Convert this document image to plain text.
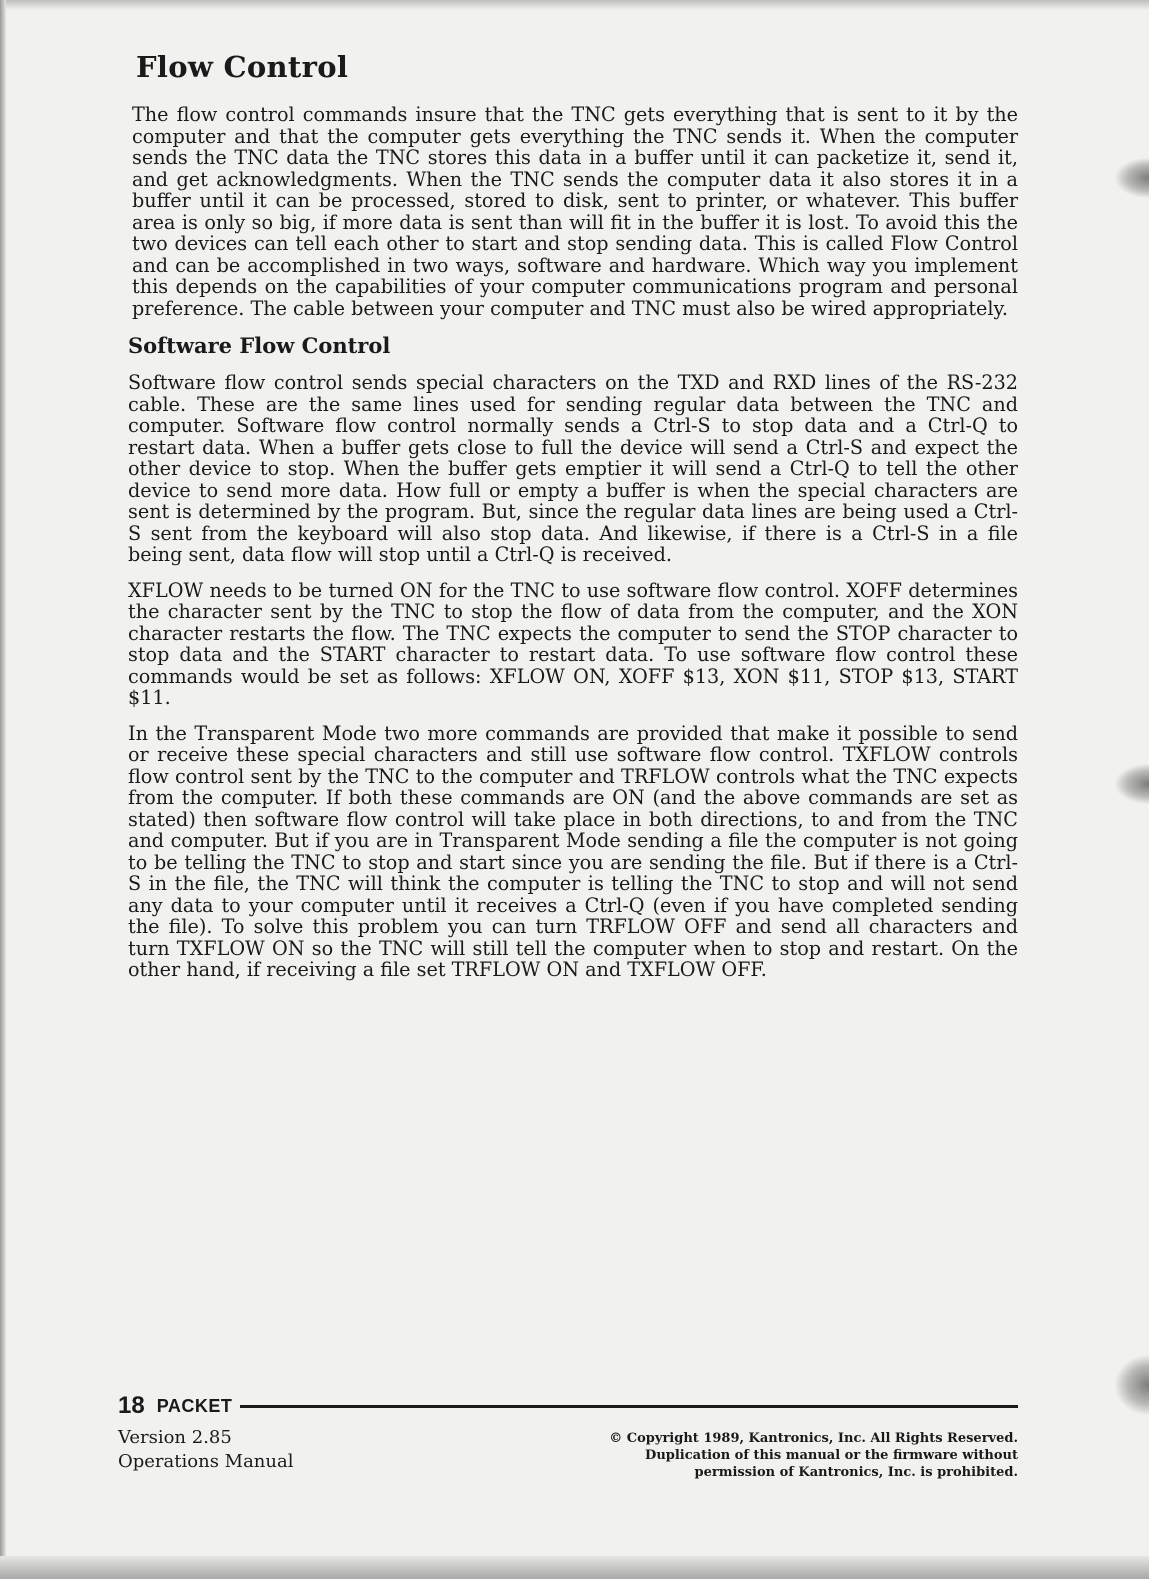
Flow Control

The flow control commands insure that the TNC gets everything that is sent to it by the computer and that the computer gets everything the TNC sends it. When the computer sends the TNC data the TNC stores this data in a buffer until it can packetize it, send it, and get acknowledgments. When the TNC sends the computer data it also stores it in a buffer until it can be processed, stored to disk, sent to printer, or whatever. This buffer area is only so big, if more data is sent than will fit in the buffer it is lost. To avoid this the two devices can tell each other to start and stop sending data. This is called Flow Control and can be accomplished in two ways, software and hardware. Which way you implement this depends on the capabilities of your computer communications program and personal preference. The cable between your computer and TNC must also be wired appropriately.

Software Flow Control

Software flow control sends special characters on the TXD and RXD lines of the RS-232 cable. These are the same lines used for sending regular data between the TNC and computer. Software flow control normally sends a Ctrl-S to stop data and a Ctrl-Q to restart data. When a buffer gets close to full the device will send a Ctrl-S and expect the other device to stop. When the buffer gets emptier it will send a Ctrl-Q to tell the other device to send more data. How full or empty a buffer is when the special characters are sent is determined by the program. But, since the regular data lines are being used a Ctrl-S sent from the keyboard will also stop data. And likewise, if there is a Ctrl-S in a file being sent, data flow will stop until a Ctrl-Q is received.

XFLOW needs to be turned ON for the TNC to use software flow control. XOFF determines the character sent by the TNC to stop the flow of data from the computer, and the XON character restarts the flow. The TNC expects the computer to send the STOP character to stop data and the START character to restart data. To use software flow control these commands would be set as follows: XFLOW ON, XOFF $13, XON $11, STOP $13, START $11.

In the Transparent Mode two more commands are provided that make it possible to send or receive these special characters and still use software flow control. TXFLOW controls flow control sent by the TNC to the computer and TRFLOW controls what the TNC expects from the computer. If both these commands are ON (and the above commands are set as stated) then software flow control will take place in both directions, to and from the TNC and computer. But if you are in Transparent Mode sending a file the computer is not going to be telling the TNC to stop and start since you are sending the file. But if there is a Ctrl-S in the file, the TNC will think the computer is telling the TNC to stop and will not send any data to your computer until it receives a Ctrl-Q (even if you have completed sending the file). To solve this problem you can turn TRFLOW OFF and send all characters and turn TXFLOW ON so the TNC will still tell the computer when to stop and restart. On the other hand, if receiving a file set TRFLOW ON and TXFLOW OFF.

18 PACKET
Version 2.85
Operations Manual
© Copyright 1989, Kantronics, Inc. All Rights Reserved.
Duplication of this manual or the firmware without
permission of Kantronics, Inc. is prohibited.
